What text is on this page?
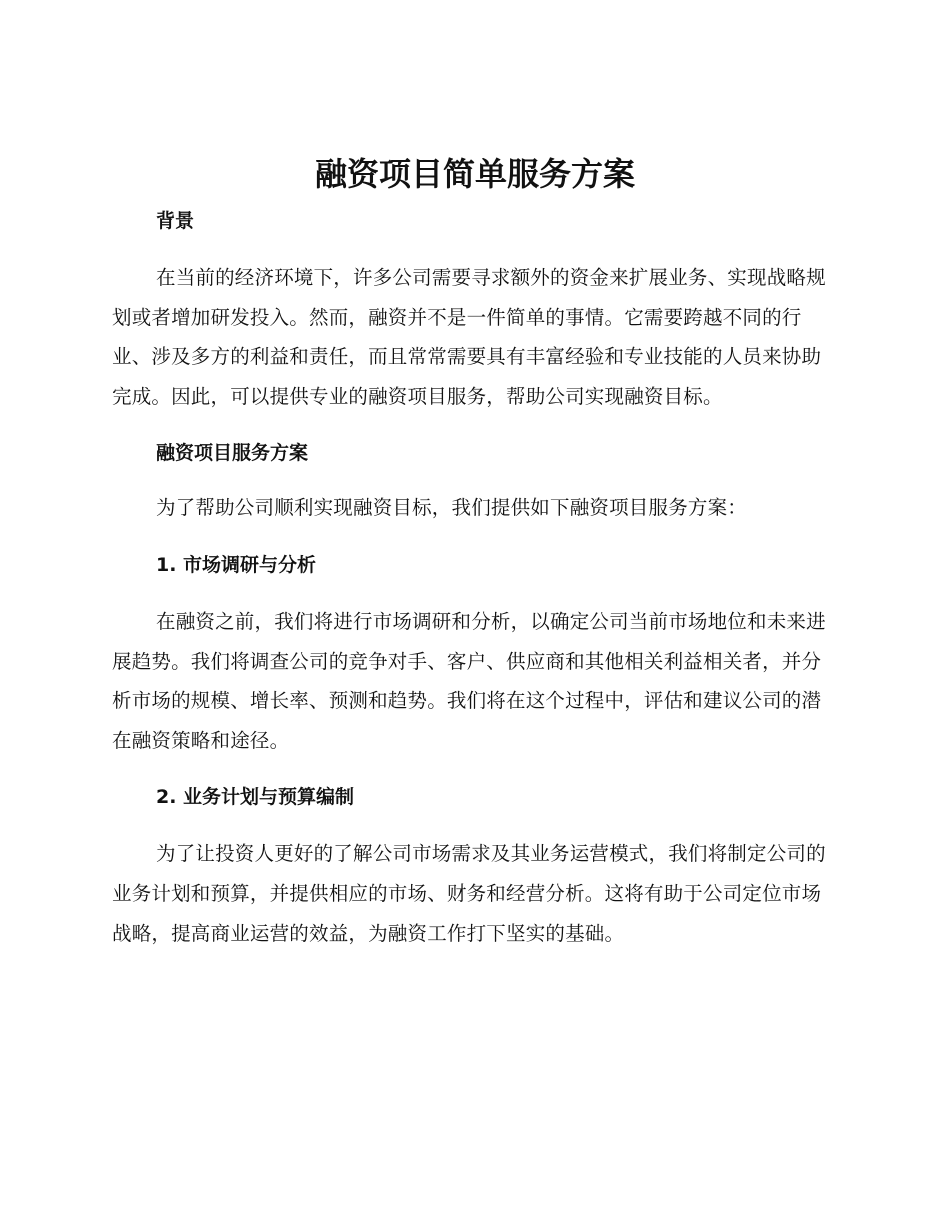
融资项目简单服务方案
背景

在当前的经济环境下，许多公司需要寻求额外的资金来扩展业务、实现战略规划或者增加研发投入。然而，融资并不是一件简单的事情。它需要跨越不同的行业、涉及多方的利益和责任，而且常常需要具有丰富经验和专业技能的人员来协助完成。因此，可以提供专业的融资项目服务，帮助公司实现融资目标。

融资项目服务方案

为了帮助公司顺利实现融资目标，我们提供如下融资项目服务方案：

1. 市场调研与分析

在融资之前，我们将进行市场调研和分析，以确定公司当前市场地位和未来进展趋势。我们将调查公司的竞争对手、客户、供应商和其他相关利益相关者，并分析市场的规模、增长率、预测和趋势。我们将在这个过程中，评估和建议公司的潜在融资策略和途径。

2. 业务计划与预算编制

为了让投资人更好的了解公司市场需求及其业务运营模式，我们将制定公司的业务计划和预算，并提供相应的市场、财务和经营分析。这将有助于公司定位市场战略，提高商业运营的效益，为融资工作打下坚实的基础。
